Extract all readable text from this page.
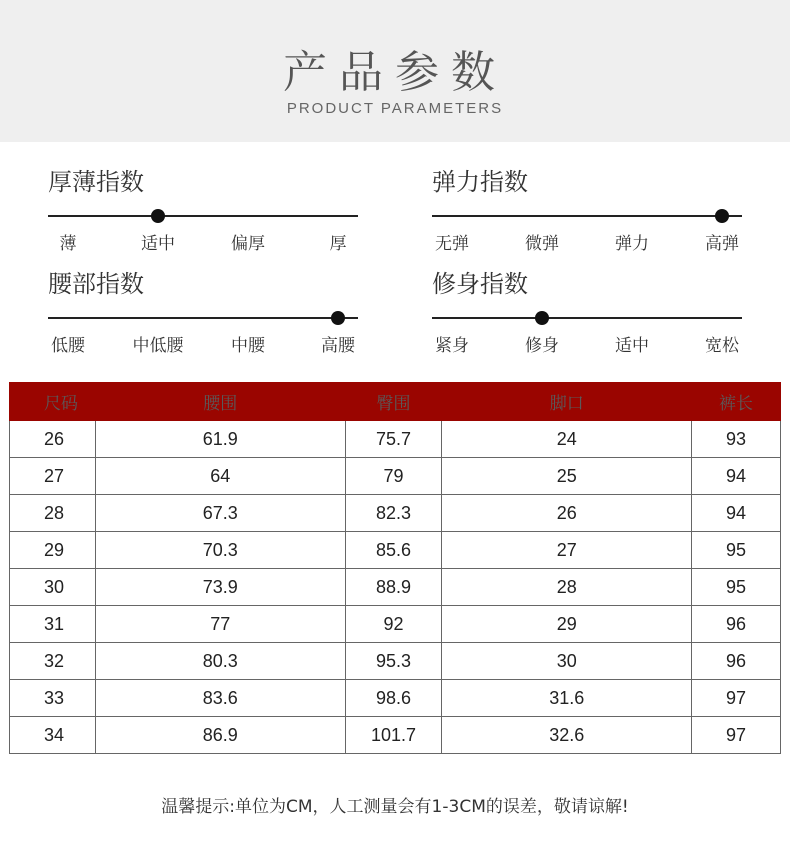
产品参数
PRODUCT PARAMETERS
厚薄指数
薄	适中	偏厚	厚
弹力指数
无弹	微弹	弹力	高弹
腰部指数
低腰	中低腰	中腰	高腰
修身指数
紧身	修身	适中	宽松
尺码	腰围	臀围	脚口	裤长
26	61.9	75.7	24	93
27	64	79	25	94
28	67.3	82.3	26	94
29	70.3	85.6	27	95
30	73.9	88.9	28	95
31	77	92	29	96
32	80.3	95.3	30	96
33	83.6	98.6	31.6	97
34	86.9	101.7	32.6	97
温馨提示:单位为CM，人工测量会有1-3CM的误差，敬请谅解!
